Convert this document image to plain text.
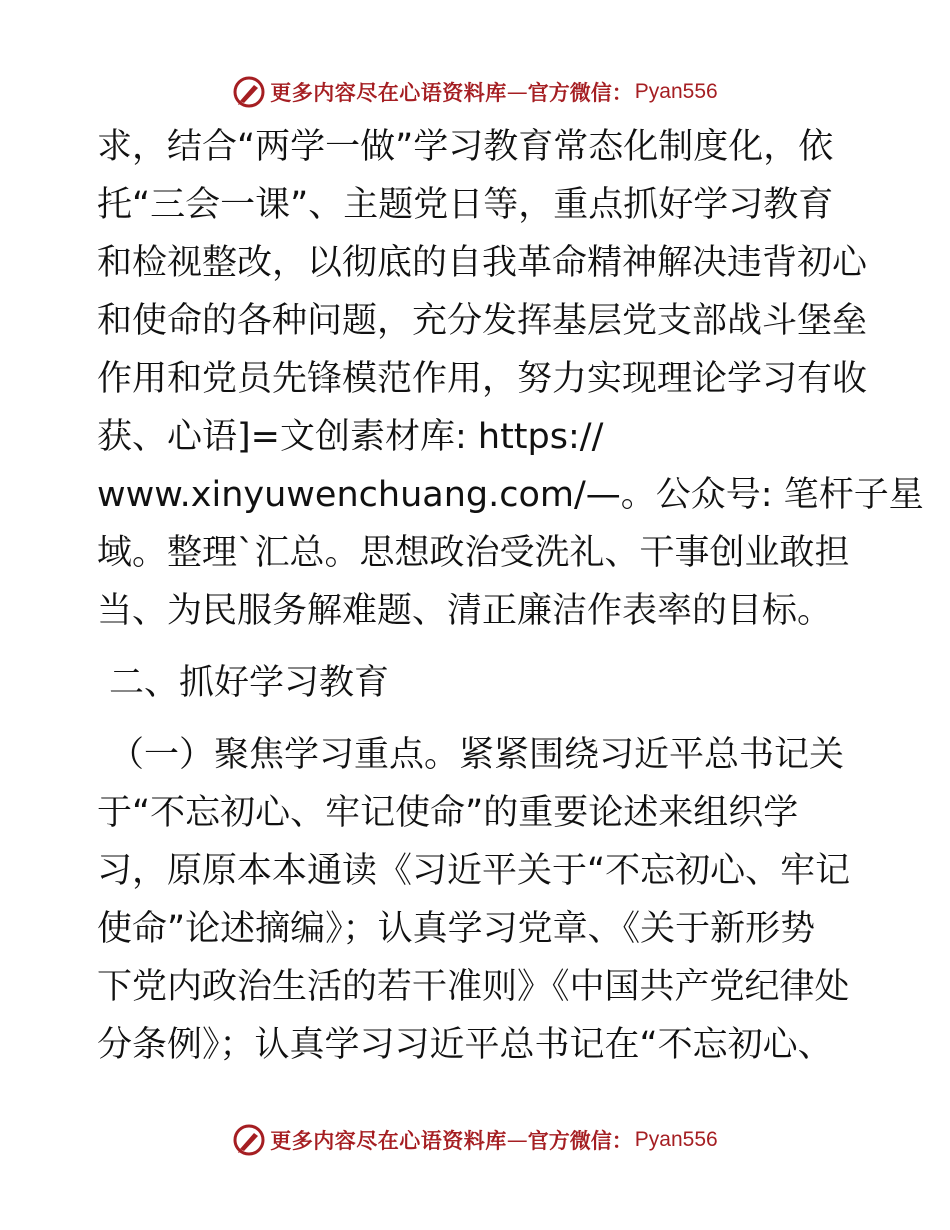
更多内容尽在心语资料库 — 官方微信： Pyan556
求，结合“两学一做”学习教育常态化制度化，依
托“三会一课”、主题党日等，重点抓好学习教育
和检视整改，以彻底的自我革命精神解决违背初心
和使命的各种问题，充分发挥基层党支部战斗堡垒
作用和党员先锋模范作用，努力实现理论学习有收
获、心语]=文创素材库: https://
www.xinyuwenchuang.com/—。公众号: 笔杆子星
域。整理`汇总。思想政治受洗礼、干事创业敢担
当、为民服务解难题、清正廉洁作表率的目标。
二、抓好学习教育
（一）聚焦学习重点。紧紧围绕习近平总书记关
于“不忘初心、牢记使命”的重要论述来组织学
习，原原本本通读《习近平关于“不忘初心、牢记
使命”论述摘编》；认真学习党章、《关于新形势
下党内政治生活的若干准则》《中国共产党纪律处
分条例》；认真学习习近平总书记在“不忘初心、
更多内容尽在心语资料库 — 官方微信： Pyan556
